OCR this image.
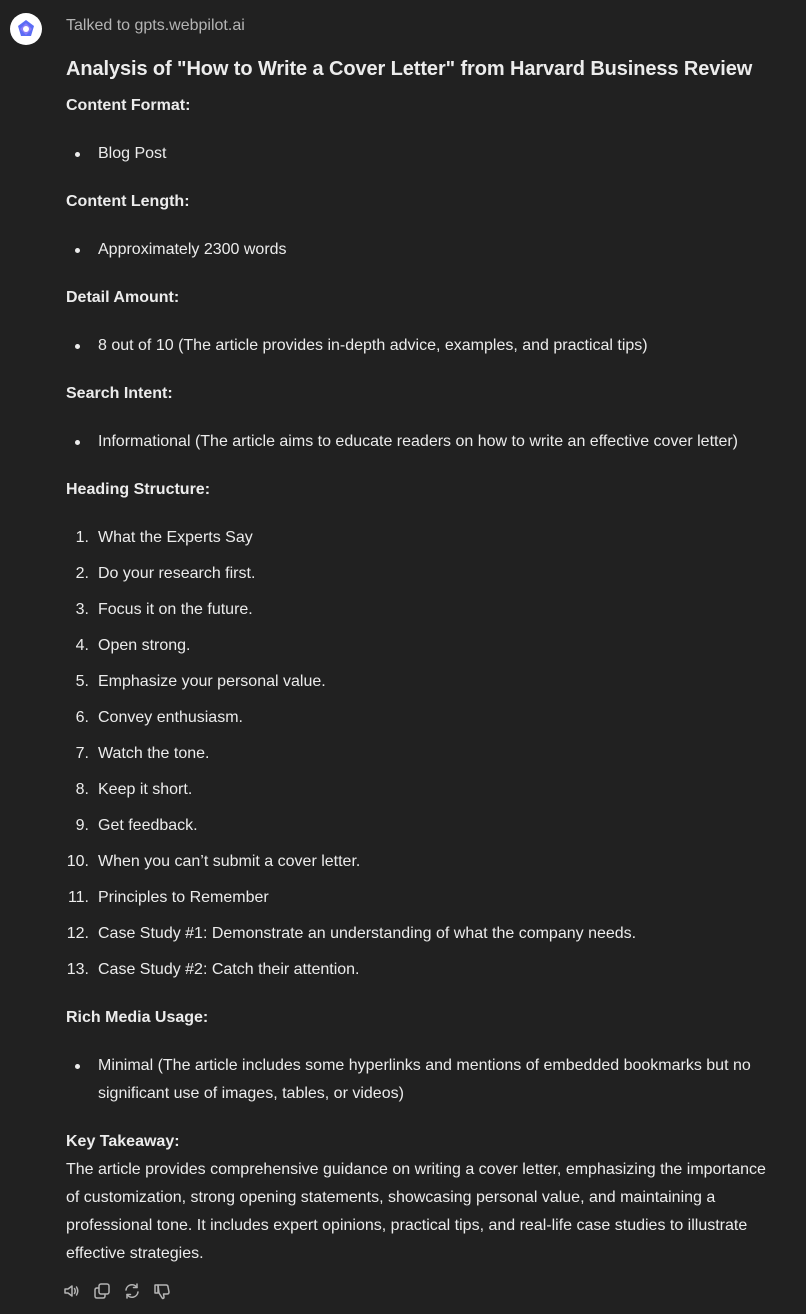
Talked to gpts.webpilot.ai
Analysis of "How to Write a Cover Letter" from Harvard Business Review

Content Format:

Blog Post

Content Length:

Approximately 2300 words

Detail Amount:

8 out of 10 (The article provides in-depth advice, examples, and practical tips)

Search Intent:

Informational (The article aims to educate readers on how to write an effective cover letter)

Heading Structure:

1. What the Experts Say
2. Do your research first.
3. Focus it on the future.
4. Open strong.
5. Emphasize your personal value.
6. Convey enthusiasm.
7. Watch the tone.
8. Keep it short.
9. Get feedback.
10. When you can’t submit a cover letter.
11. Principles to Remember
12. Case Study #1: Demonstrate an understanding of what the company needs.
13. Case Study #2: Catch their attention.

Rich Media Usage:

Minimal (The article includes some hyperlinks and mentions of embedded bookmarks but no significant use of images, tables, or videos)

Key Takeaway:

The article provides comprehensive guidance on writing a cover letter, emphasizing the importance of customization, strong opening statements, showcasing personal value, and maintaining a professional tone. It includes expert opinions, practical tips, and real-life case studies to illustrate effective strategies.
